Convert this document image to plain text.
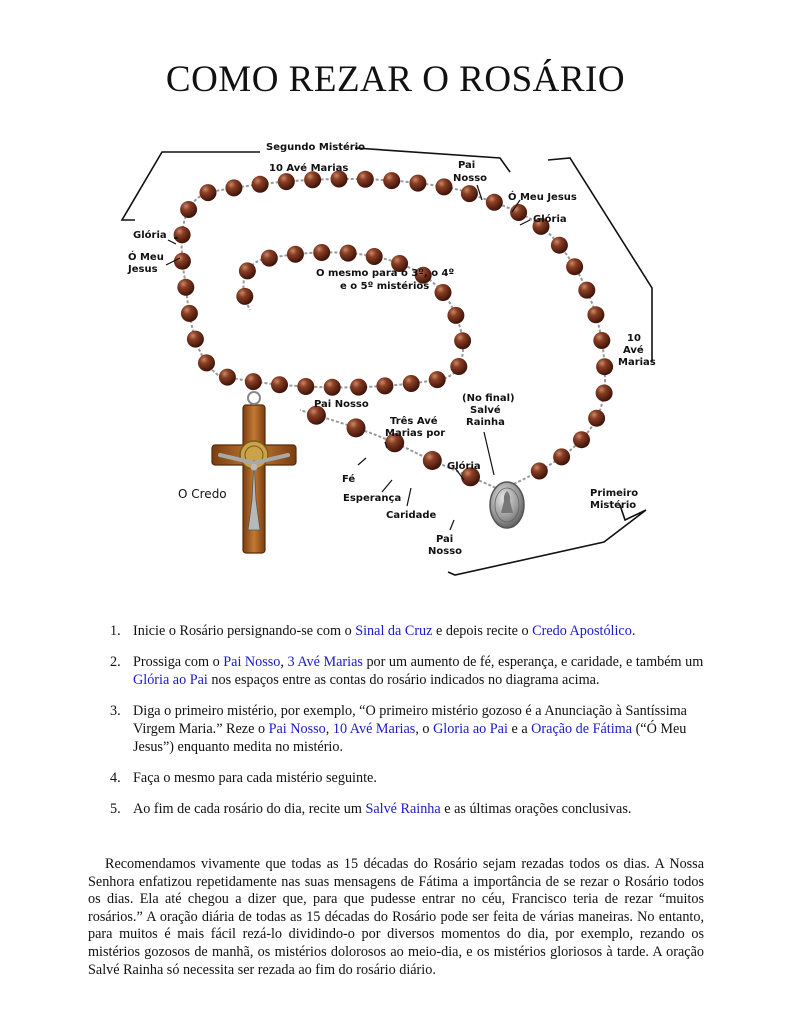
COMO REZAR O ROSÁRIO
Segundo Mistério
10 Avé Marias	Pai
Nosso
Ó Meu Jesus
Glória
Glória
Ó Meu
Jesus	O mesmo para o 3º, o 4º
e o 5º mistérios
10
Avé
Marias
Pai Nosso
(No final)
Salvé
Rainha
Três Avé
Marias por
Glória
Fé
Esperança
Caridade
O Credo	Primeiro
Mistério
Pai
Nosso
1. Inicie o Rosário persignando-se com o Sinal da Cruz e depois recite o Credo Apostólico.
2. Prossiga com o Pai Nosso, 3 Avé Marias por um aumento de fé, esperança, e caridade, e também um Glória ao Pai nos espaços entre as contas do rosário indicados no diagrama acima.
3. Diga o primeiro mistério, por exemplo, “O primeiro mistério gozoso é a Anunciação à Santíssima Virgem Maria.” Reze o Pai Nosso, 10 Avé Marias, o Gloria ao Pai e a Oração de Fátima (“Ó Meu Jesus”) enquanto medita no mistério.
4. Faça o mesmo para cada mistério seguinte.
5. Ao fim de cada rosário do dia, recite um Salvé Rainha e as últimas orações conclusivas.

Recomendamos vivamente que todas as 15 décadas do Rosário sejam rezadas todos os dias. A Nossa Senhora enfatizou repetidamente nas suas mensagens de Fátima a importância de se rezar o Rosário todos os dias. Ela até chegou a dizer que, para que pudesse entrar no céu, Francisco teria de rezar “muitos rosários.” A oração diária de todas as 15 décadas do Rosário pode ser feita de várias maneiras. No entanto, para muitos é mais fácil rezá-lo dividindo-o por diversos momentos do dia, por exemplo, rezando os mistérios gozosos de manhã, os mistérios dolorosos ao meio-dia, e os mistérios gloriosos à tarde. A oração Salvé Rainha só necessita ser rezada ao fim do rosário diário.
